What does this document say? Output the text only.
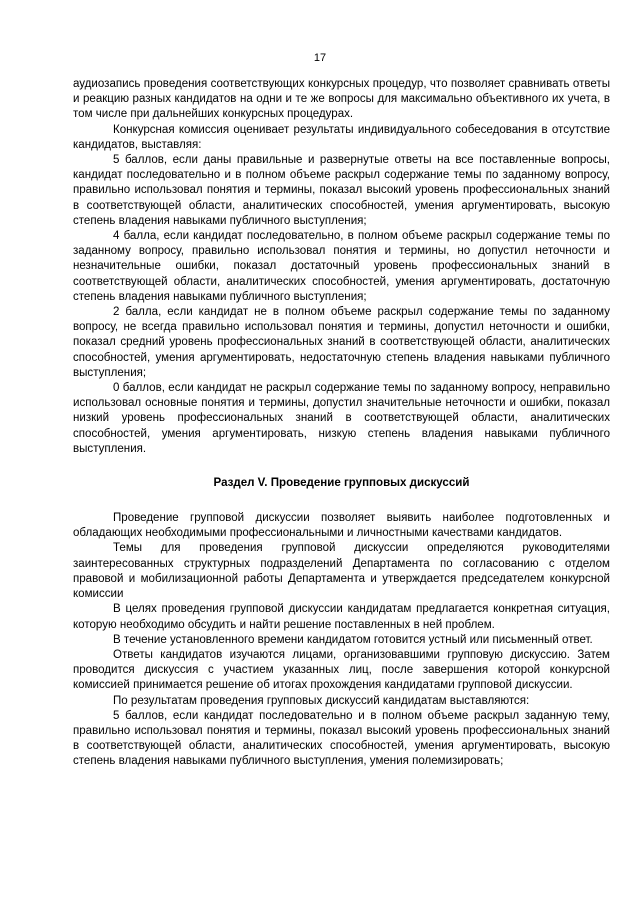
17

аудиозапись проведения соответствующих конкурсных процедур, что позволяет сравнивать ответы и реакцию разных кандидатов на одни и те же вопросы для максимально объективного их учета, в том числе при дальнейших конкурсных процедурах.

Конкурсная комиссия оценивает результаты индивидуального собеседования в отсутствие кандидатов, выставляя:

5 баллов, если даны правильные и развернутые ответы на все поставленные вопросы, кандидат последовательно и в полном объеме раскрыл содержание темы по заданному вопросу, правильно использовал понятия и термины, показал высокий уровень профессиональных знаний в соответствующей области, аналитических способностей, умения аргументировать, высокую степень владения навыками публичного выступления;

4 балла, если кандидат последовательно, в полном объеме раскрыл содержание темы по заданному вопросу, правильно использовал понятия и термины, но допустил неточности и незначительные ошибки, показал достаточный уровень профессиональных знаний в соответствующей области, аналитических способностей, умения аргументировать, достаточную степень владения навыками публичного выступления;

2 балла, если кандидат не в полном объеме раскрыл содержание темы по заданному вопросу, не всегда правильно использовал понятия и термины, допустил неточности и ошибки, показал средний уровень профессиональных знаний в соответствующей области, аналитических способностей, умения аргументировать, недостаточную степень владения навыками публичного выступления;

0 баллов, если кандидат не раскрыл содержание темы по заданному вопросу, неправильно использовал основные понятия и термины, допустил значительные неточности и ошибки, показал низкий уровень профессиональных знаний в соответствующей области, аналитических способностей, умения аргументировать, низкую степень владения навыками публичного выступления.

Раздел V. Проведение групповых дискуссий

Проведение групповой дискуссии позволяет выявить наиболее подготовленных и обладающих необходимыми профессиональными и личностными качествами кандидатов.

Темы для проведения групповой дискуссии определяются руководителями заинтересованных структурных подразделений Департамента по согласованию с отделом правовой и мобилизационной работы Департамента и утверждается председателем конкурсной комиссии

В целях проведения групповой дискуссии кандидатам предлагается конкретная ситуация, которую необходимо обсудить и найти решение поставленных в ней проблем.

В течение установленного времени кандидатом готовится устный или письменный ответ.

Ответы кандидатов изучаются лицами, организовавшими групповую дискуссию. Затем проводится дискуссия с участием указанных лиц, после завершения которой конкурсной комиссией принимается решение об итогах прохождения кандидатами групповой дискуссии.

По результатам проведения групповых дискуссий кандидатам выставляются:

5 баллов, если кандидат последовательно и в полном объеме раскрыл заданную тему, правильно использовал понятия и термины, показал высокий уровень профессиональных знаний в соответствующей области, аналитических способностей, умения аргументировать, высокую степень владения навыками публичного выступления, умения полемизировать;
